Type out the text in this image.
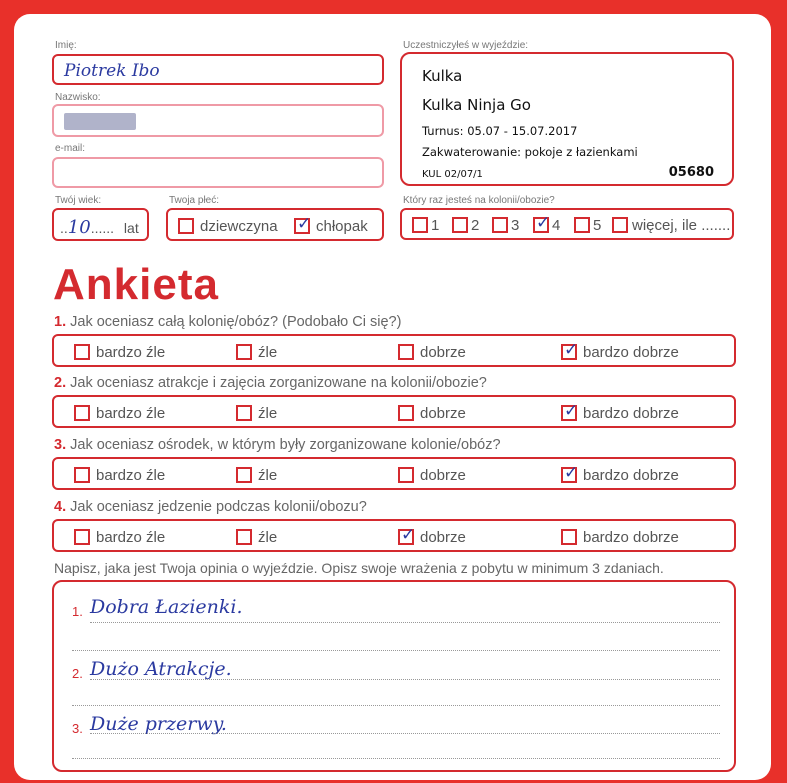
Imię:
Piotrek Ibo
Nazwisko:
e-mail:
Twój wiek:
..10...... lat
Twoja płeć:
dziewczyna ✓ chłopak
Uczestniczyłeś w wyjeździe:
Kulka
Kulka Ninja Go
Turnus: 05.07 - 15.07.2017
Zakwaterowanie: pokoje z łazienkami
KUL 02/07/1	05680
Który raz jesteś na kolonii/obozie?
1	2	3 ✓ 4	5	więcej, ile .......
Ankieta
1. Jak oceniasz całą kolonię/obóz? (Podobało Ci się?)
bardzo źle	źle	dobrze	✓ bardzo dobrze
2. Jak oceniasz atrakcje i zajęcia zorganizowane na kolonii/obozie?
bardzo źle	źle	dobrze	✓ bardzo dobrze
3. Jak oceniasz ośrodek, w którym były zorganizowane kolonie/obóz?
bardzo źle	źle	dobrze	✓ bardzo dobrze
4. Jak oceniasz jedzenie podczas kolonii/obozu?
bardzo źle	źle	✓ dobrze	bardzo dobrze
Napisz, jaka jest Twoja opinia o wyjeździe. Opisz swoje wrażenia z pobytu w minimum 3 zdaniach.
1. Dobra Łazienki.
2. Dużo Atrakcje.
3. Duże przerwy.
